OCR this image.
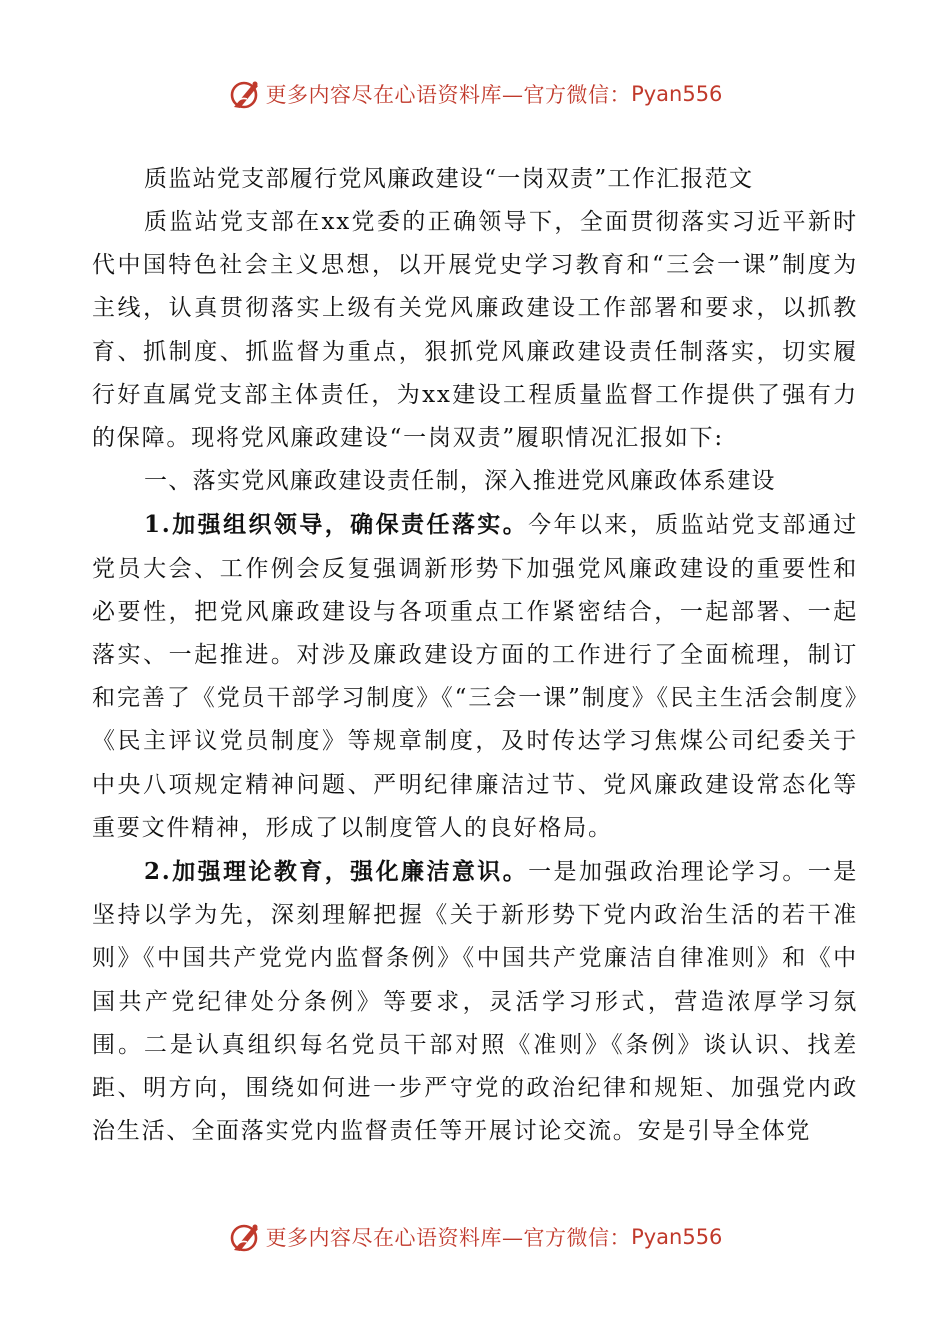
更多内容尽在心语资料库—官方微信： Pyan556

质监站党支部履行党风廉政建设“一岗双责”工作汇报范文

质监站党支部在xx党委的正确领导下，全面贯彻落实习近平新时代中国特色社会主义思想，以开展党史学习教育和“三会一课”制度为主线，认真贯彻落实上级有关党风廉政建设工作部署和要求，以抓教育、抓制度、抓监督为重点，狠抓党风廉政建设责任制落实，切实履行好直属党支部主体责任，为xx建设工程质量监督工作提供了强有力的保障。现将党风廉政建设“一岗双责”履职情况汇报如下:

一、落实党风廉政建设责任制，深入推进党风廉政体系建设

1.加强组织领导，确保责任落实。今年以来，质监站党支部通过党员大会、工作例会反复强调新形势下加强党风廉政建设的重要性和必要性，把党风廉政建设与各项重点工作紧密结合，一起部署、一起落实、一起推进。对涉及廉政建设方面的工作进行了全面梳理，制订和完善了《党员干部学习制度》《“三会一课”制度》《民主生活会制度》《民主评议党员制度》等规章制度，及时传达学习焦煤公司纪委关于中央八项规定精神问题、严明纪律廉洁过节、党风廉政建设常态化等重要文件精神，形成了以制度管人的良好格局。

2.加强理论教育，强化廉洁意识。一是加强政治理论学习。一是坚持以学为先，深刻理解把握《关于新形势下党内政治生活的若干准则》《中国共产党党内监督条例》《中国共产党廉洁自律准则》和《中国共产党纪律处分条例》等要求，灵活学习形式，营造浓厚学习氛围。二是认真组织每名党员干部对照《准则》《条例》谈认识、找差距、明方向，围绕如何进一步严守党的政治纪律和规矩、加强党内政治生活、全面落实党内监督责任等开展讨论交流。安是引导全体党

更多内容尽在心语资料库—官方微信： Pyan556
